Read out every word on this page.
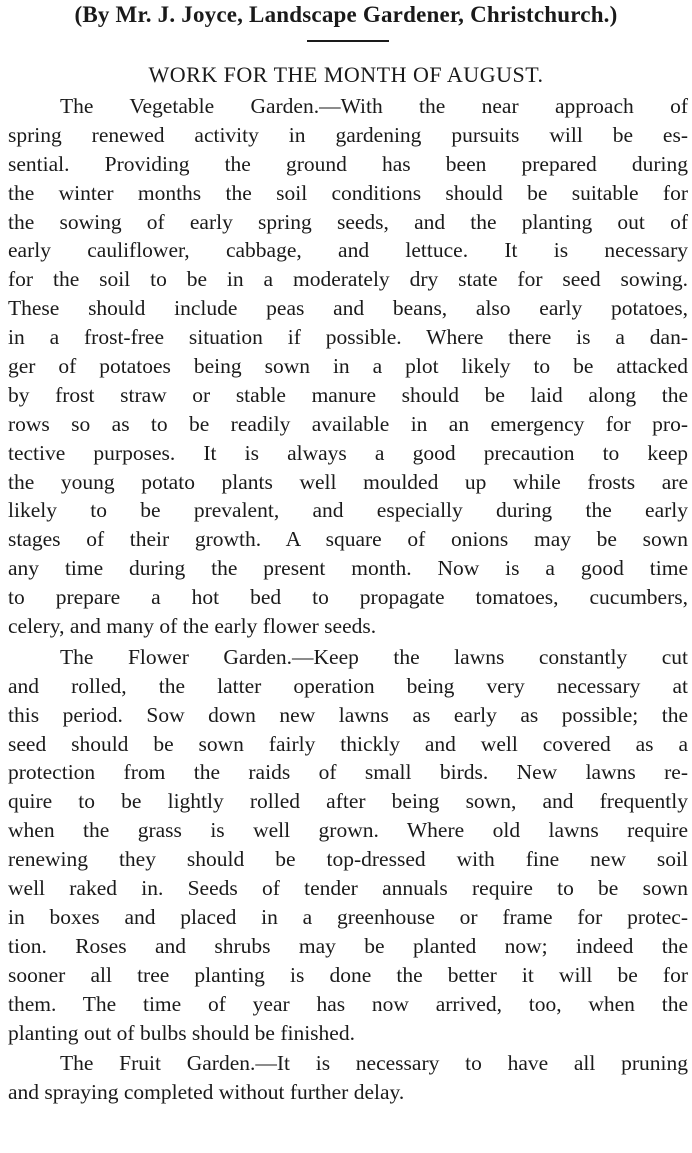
(By Mr. J. Joyce, Landscape Gardener, Christchurch.)
WORK FOR THE MONTH OF AUGUST.
The Vegetable Garden.—With the near approach of
spring renewed activity in gardening pursuits will be es-
sential. Providing the ground has been prepared during
the winter months the soil conditions should be suitable for
the sowing of early spring seeds, and the planting out of
early cauliflower, cabbage, and lettuce. It is necessary
for the soil to be in a moderately dry state for seed sowing.
These should include peas and beans, also early potatoes,
in a frost-free situation if possible. Where there is a dan-
ger of potatoes being sown in a plot likely to be attacked
by frost straw or stable manure should be laid along the
rows so as to be readily available in an emergency for pro-
tective purposes. It is always a good precaution to keep
the young potato plants well moulded up while frosts are
likely to be prevalent, and especially during the early
stages of their growth. A square of onions may be sown
any time during the present month. Now is a good time
to prepare a hot bed to propagate tomatoes, cucumbers,
celery, and many of the early flower seeds.
The Flower Garden.—Keep the lawns constantly cut
and rolled, the latter operation being very necessary at
this period. Sow down new lawns as early as possible; the
seed should be sown fairly thickly and well covered as a
protection from the raids of small birds. New lawns re-
quire to be lightly rolled after being sown, and frequently
when the grass is well grown. Where old lawns require
renewing they should be top-dressed with fine new soil
well raked in. Seeds of tender annuals require to be sown
in boxes and placed in a greenhouse or frame for protec-
tion. Roses and shrubs may be planted now; indeed the
sooner all tree planting is done the better it will be for
them. The time of year has now arrived, too, when the
planting out of bulbs should be finished.
The Fruit Garden.—It is necessary to have all pruning
and spraying completed without further delay.
